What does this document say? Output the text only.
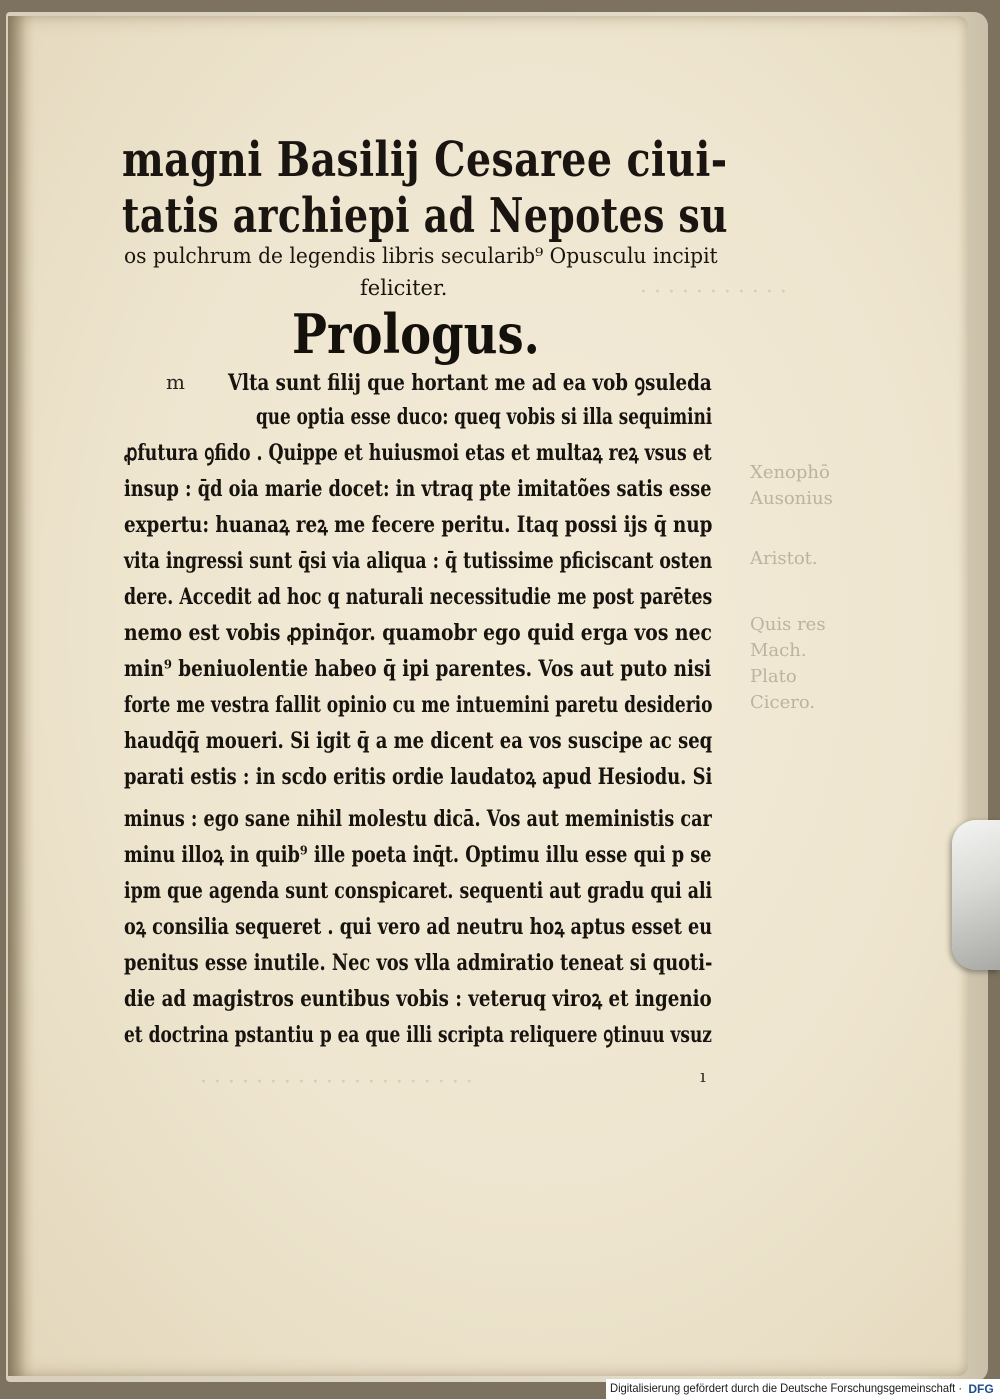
· · · · · · · · · · ·
· · · · · · · · · · · · · · · · · · · ·
Xenophō
Ausonius
Aristot.
Quis res
Mach.
Plato
Cicero.
magni Basilij Cesaree ciui-
tatis archiepi ad Nepotes su
os pulchrum de legendis libris secularib⁹ Opusculu incipit
feliciter.
Prologus.
m Vlta sunt filij que hortant me ad ea vob ꝯsuleda
que optia esse duco: queq vobis si illa sequimini
ꝓfutura ꝯfido . Quippe et huiusmoi etas et multaꝝ reꝝ vsus et
insup : q̄d oia marie docet: in vtraq pte imitatões satis esse
expertu: huanaꝝ reꝝ me fecere peritu. Itaq possi ijs q̄ nup
vita ingressi sunt q̄si via aliqua : q̄ tutissime pficiscant osten
dere. Accedit ad hoc q naturali necessitudie me post parētes
nemo est vobis ꝓpinq̄or. quamobr ego quid erga vos nec
min⁹ beniuolentie habeo q̄ ipi parentes. Vos aut puto nisi
forte me vestra fallit opinio cu me intuemini paretu desiderio
haudq̄q̄ moueri. Si igit q̄ a me dicent ea vos suscipe ac seq
parati estis : in scdo eritis ordie laudatoꝝ apud Hesiodu. Si
minus : ego sane nihil molestu dicā. Vos aut meministis car
minu illoꝝ in quib⁹ ille poeta inq̄t. Optimu illu esse qui p se
ipm que agenda sunt conspicaret. sequenti aut gradu qui ali
oꝝ consilia sequeret . qui vero ad neutru hoꝝ aptus esset eu
penitus esse inutile. Nec vos vlla admiratio teneat si quoti-
die ad magistros euntibus vobis : veteruq viroꝝ et ingenio
et doctrina pstantiu p ea que illi scripta reliquere ꝯtinuu vsuz
ı
Digitalisierung gefördert durch die Deutsche Forschungsgemeinschaft · DFG
